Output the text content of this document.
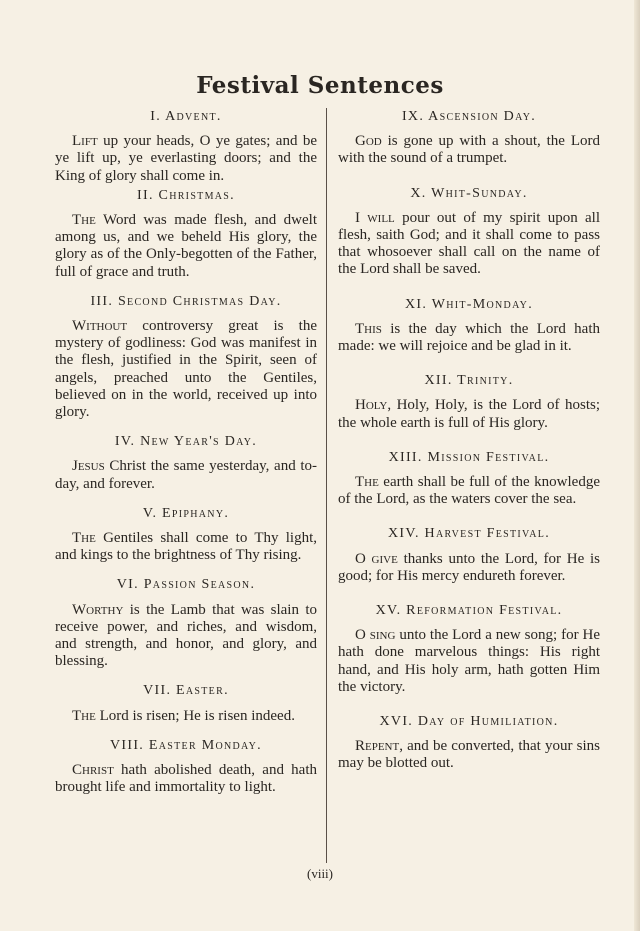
Festival Sentences
I. Advent.

Lift up your heads, O ye gates; and be ye lift up, ye everlasting doors; and the King of glory shall come in.

II. Christmas.

The Word was made flesh, and dwelt among us, and we beheld His glory, the glory as of the Only-begotten of the Father, full of grace and truth.

III. Second Christmas Day.

Without controversy great is the mystery of godliness: God was manifest in the flesh, justified in the Spirit, seen of angels, preached unto the Gentiles, believed on in the world, received up into glory.

IV. New Year's Day.

Jesus Christ the same yesterday, and to-day, and forever.

V. Epiphany.

The Gentiles shall come to Thy light, and kings to the brightness of Thy rising.

VI. Passion Season.

Worthy is the Lamb that was slain to receive power, and riches, and wisdom, and strength, and honor, and glory, and blessing.

VII. Easter.

The Lord is risen; He is risen indeed.

VIII. Easter Monday.

Christ hath abolished death, and hath brought life and immortality to light.

IX. Ascension Day.

God is gone up with a shout, the Lord with the sound of a trumpet.

X. Whit-Sunday.

I will pour out of my spirit upon all flesh, saith God; and it shall come to pass that whosoever shall call on the name of the Lord shall be saved.

XI. Whit-Monday.

This is the day which the Lord hath made: we will rejoice and be glad in it.

XII. Trinity.

Holy, Holy, Holy, is the Lord of hosts; the whole earth is full of His glory.

XIII. Mission Festival.

The earth shall be full of the knowledge of the Lord, as the waters cover the sea.

XIV. Harvest Festival.

O give thanks unto the Lord, for He is good; for His mercy endureth forever.

XV. Reformation Festival.

O sing unto the Lord a new song; for He hath done marvelous things: His right hand, and His holy arm, hath gotten Him the victory.

XVI. Day of Humiliation.

Repent, and be converted, that your sins may be blotted out.

(viii)
